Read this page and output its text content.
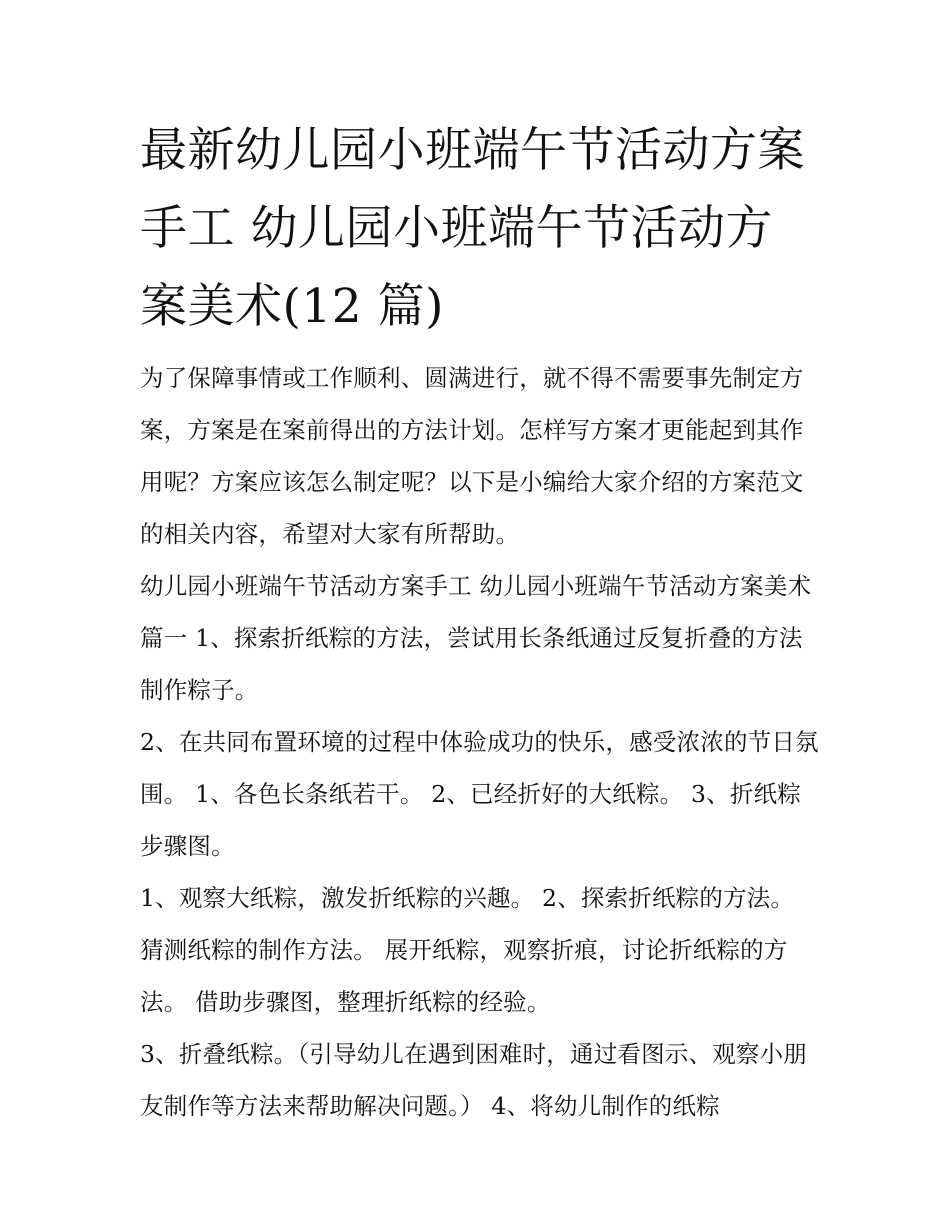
最新幼儿园小班端午节活动方案手工 幼儿园小班端午节活动方案美术(12 篇)

为了保障事情或工作顺利、圆满进行，就不得不需要事先制定方案，方案是在案前得出的方法计划。怎样写方案才更能起到其作用呢？方案应该怎么制定呢？以下是小编给大家介绍的方案范文的相关内容，希望对大家有所帮助。

幼儿园小班端午节活动方案手工 幼儿园小班端午节活动方案美术篇一 1、探索折纸粽的方法，尝试用长条纸通过反复折叠的方法制作粽子。

2、在共同布置环境的过程中体验成功的快乐，感受浓浓的节日氛围。 1、各色长条纸若干。 2、已经折好的大纸粽。 3、折纸粽步骤图。

1、观察大纸粽，激发折纸粽的兴趣。 2、探索折纸粽的方法。 猜测纸粽的制作方法。 展开纸粽，观察折痕，讨论折纸粽的方法。 借助步骤图，整理折纸粽的经验。

3、折叠纸粽。（引导幼儿在遇到困难时，通过看图示、观察小朋友制作等方法来帮助解决问题。） 4、将幼儿制作的纸粽
